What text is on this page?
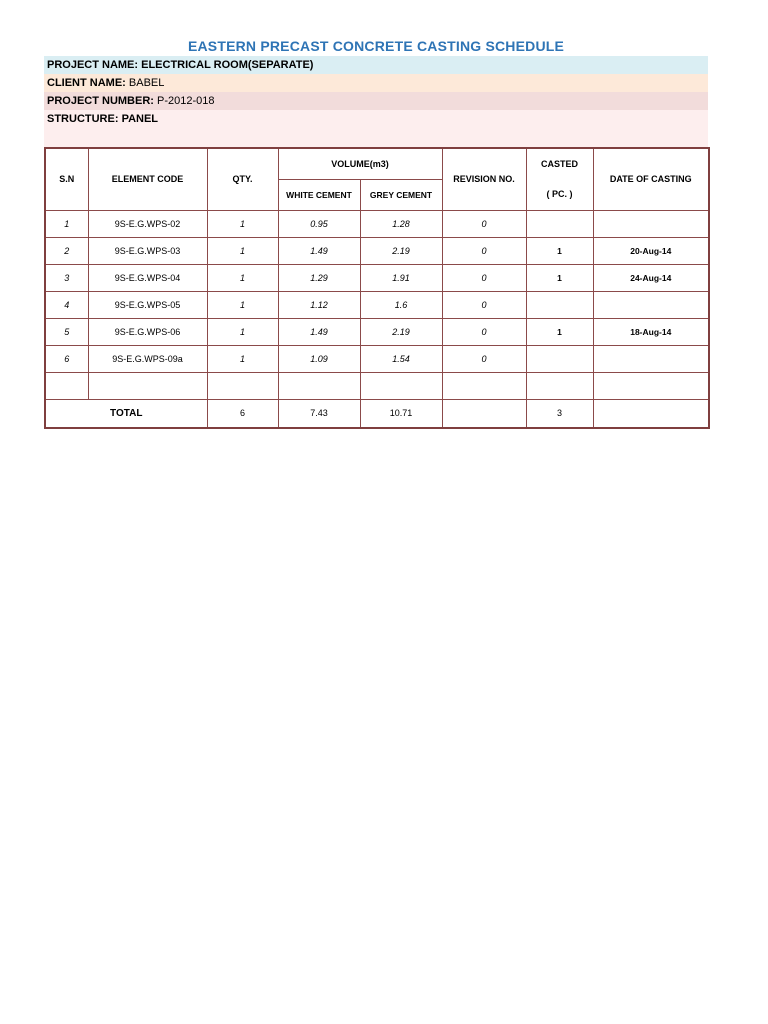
EASTERN PRECAST CONCRETE CASTING SCHEDULE
PROJECT NAME: ELECTRICAL ROOM(SEPARATE)
CLIENT NAME: BABEL
PROJECT NUMBER: P-2012-018
STRUCTURE: PANEL
S.N	ELEMENT CODE	QTY.	VOLUME(m3)		REVISION NO.	CASTED	DATE OF CASTING
			WHITE CEMENT	GREY CEMENT		( PC. )	
1	9S-E.G.WPS-02	1	0.95	1.28	0		
2	9S-E.G.WPS-03	1	1.49	2.19	0	1	20-Aug-14
3	9S-E.G.WPS-04	1	1.29	1.91	0	1	24-Aug-14
4	9S-E.G.WPS-05	1	1.12	1.6	0		
5	9S-E.G.WPS-06	1	1.49	2.19	0	1	18-Aug-14
6	9S-E.G.WPS-09a	1	1.09	1.54	0		

TOTAL		6	7.43	10.71		3	
